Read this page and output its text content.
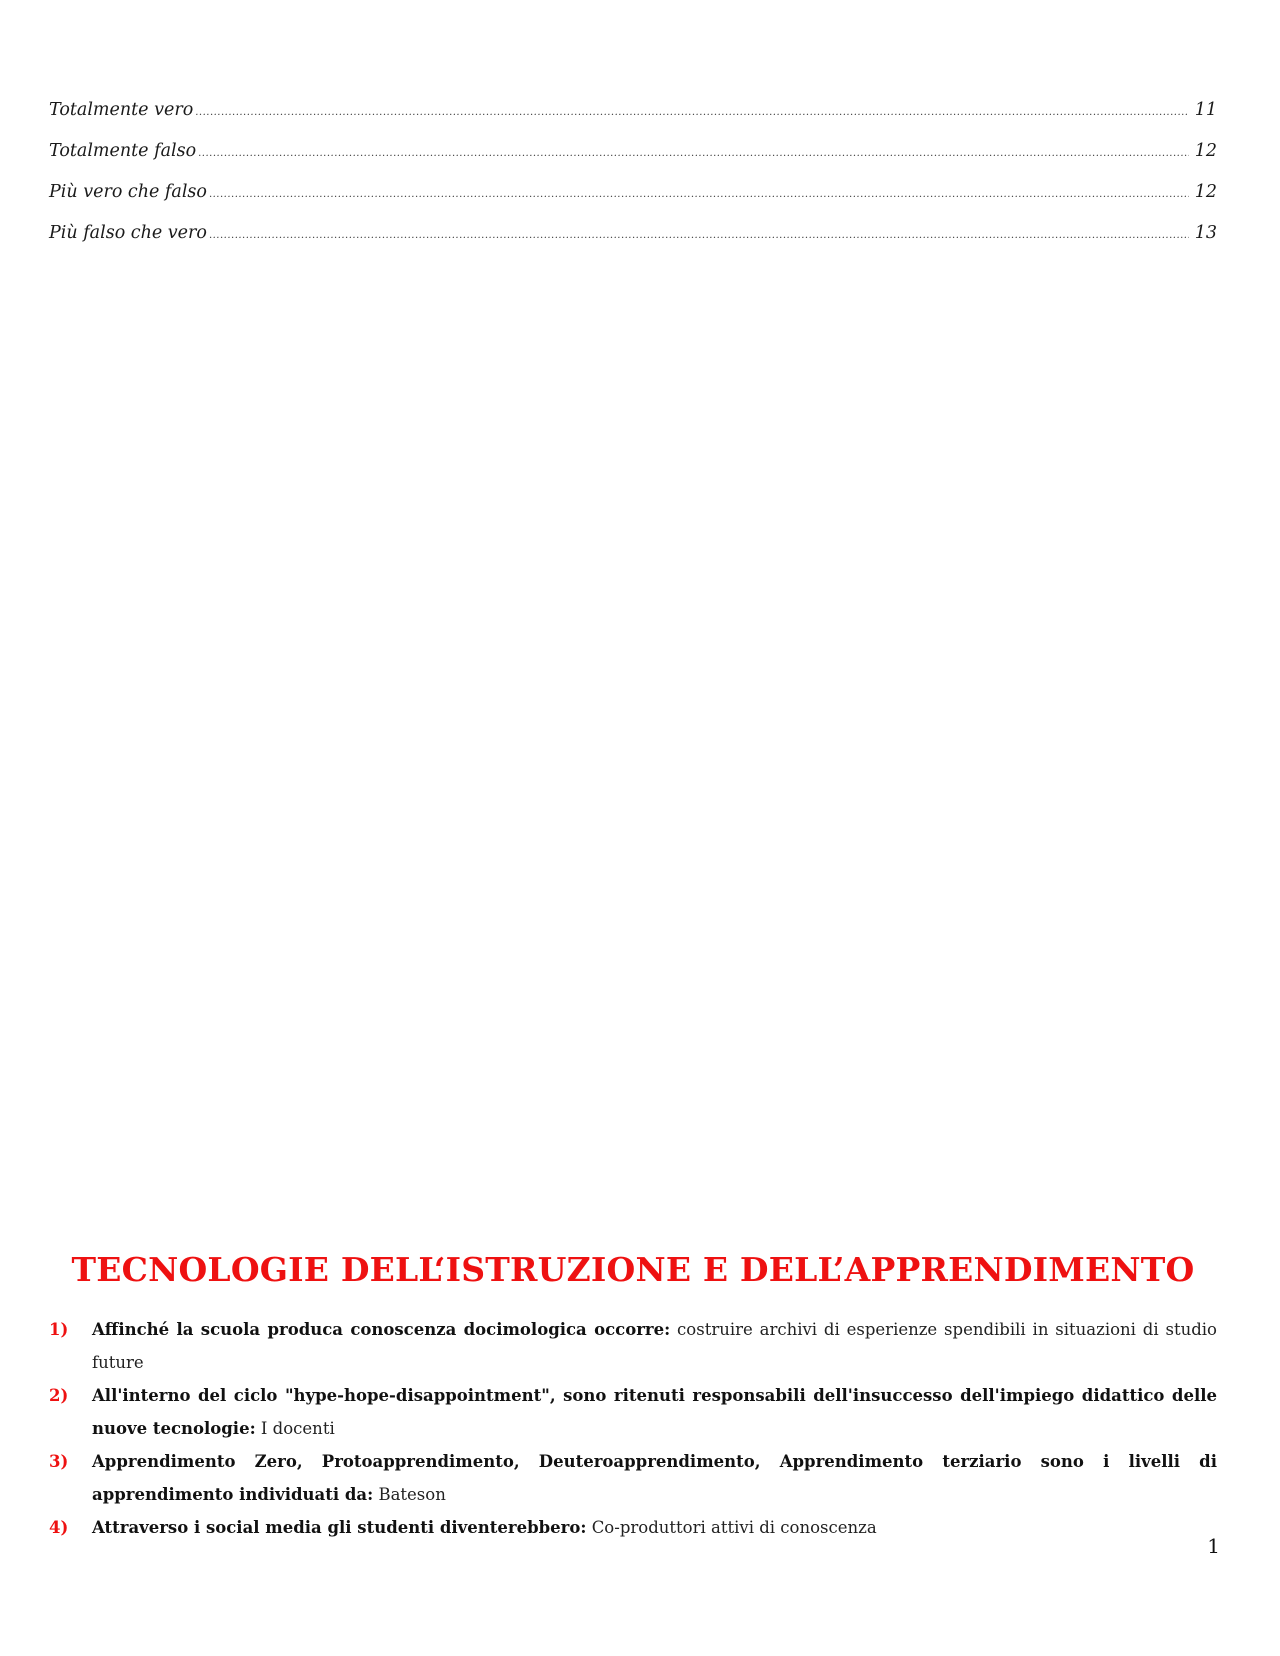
Totalmente vero .....	11
Totalmente falso .....	12
Più vero che falso .....	12
Più falso che vero .....	13
TECNOLOGIE DELL‘ISTRUZIONE E DELL’APPRENDIMENTO
1)	Affinché la scuola produca conoscenza docimologica occorre: costruire archivi di esperienze spendibili in situazioni di studio future
2)	All'interno del ciclo "hype-hope-disappointment", sono ritenuti responsabili dell'insuccesso dell'impiego didattico delle nuove tecnologie: I docenti
3)	Apprendimento Zero, Protoapprendimento, Deuteroapprendimento, Apprendimento terziario sono i livelli di apprendimento individuati da: Bateson
4)	Attraverso i social media gli studenti diventerebbero: Co-produttori attivi di conoscenza
1
